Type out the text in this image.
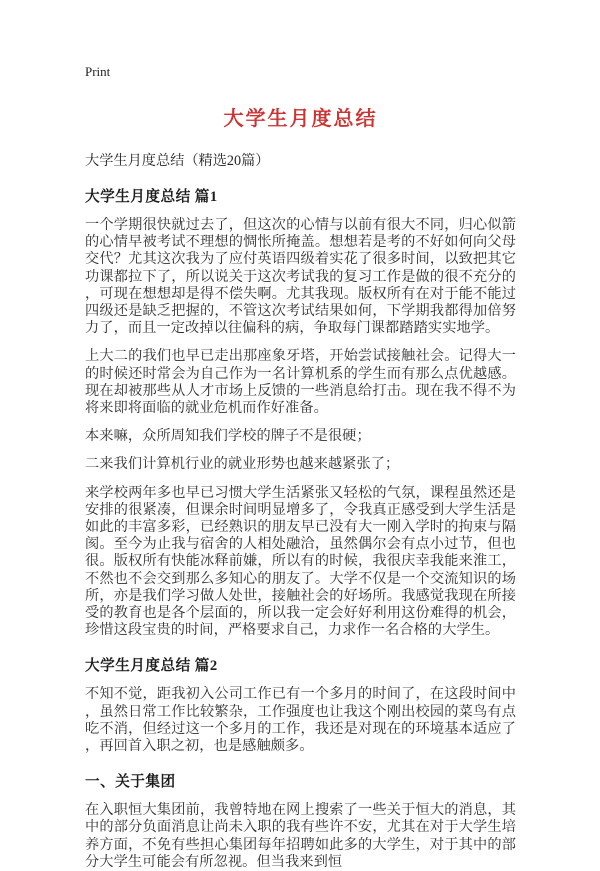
Print
大学生月度总结
大学生月度总结（精选20篇）
大学生月度总结 篇1

一个学期很快就过去了，但这次的心情与以前有很大不同，归心似箭的心情早被考试不理想的惆怅所掩盖。想想若是考的不好如何向父母交代？尤其这次我为了应付英语四级着实花了很多时间，以致把其它功课都拉下了，所以说关于这次考试我的复习工作是做的很不充分的，可现在想想却是得不偿失啊。尤其我现。版权所有在对于能不能过四级还是缺乏把握的，不管这次考试结果如何，下学期我都得加倍努力了，而且一定改掉以往偏科的病，争取每门课都踏踏实实地学。

上大二的我们也早已走出那座象牙塔，开始尝试接触社会。记得大一的时候还时常会为自己作为一名计算机系的学生而有那么点优越感。现在却被那些从人才市场上反馈的一些消息给打击。现在我不得不为将来即将面临的就业危机而作好准备。

本来嘛，众所周知我们学校的牌子不是很硬；

二来我们计算机行业的就业形势也越来越紧张了；

来学校两年多也早已习惯大学生活紧张又轻松的气氛，课程虽然还是安排的很紧凑，但课余时间明显增多了，令我真正感受到大学生活是如此的丰富多彩，已经熟识的朋友早已没有大一刚入学时的拘束与隔阂。至今为止我与宿舍的人相处融洽，虽然偶尔会有点小过节，但也很。版权所有快能冰释前嫌，所以有的时候，我很庆幸我能来淮工，不然也不会交到那么多知心的朋友了。大学不仅是一个交流知识的场所，亦是我们学习做人处世，接触社会的好场所。我感觉我现在所接受的教育也是各个层面的，所以我一定会好好利用这份难得的机会，珍惜这段宝贵的时间，严格要求自己，力求作一名合格的大学生。

大学生月度总结 篇2

不知不觉，距我初入公司工作已有一个多月的时间了，在这段时间中，虽然日常工作比较繁杂，工作强度也让我这个刚出校园的菜鸟有点吃不消，但经过这一个多月的工作，我还是对现在的环境基本适应了，再回首入职之初，也是感触颇多。

一、关于集团

在入职恒大集团前，我曾特地在网上搜索了一些关于恒大的消息，其中的部分负面消息让尚未入职的我有些许不安，尤其在对于大学生培养方面，不免有些担心集团每年招聘如此多的大学生，对于其中的部分大学生可能会有所忽视。但当我来到恒
